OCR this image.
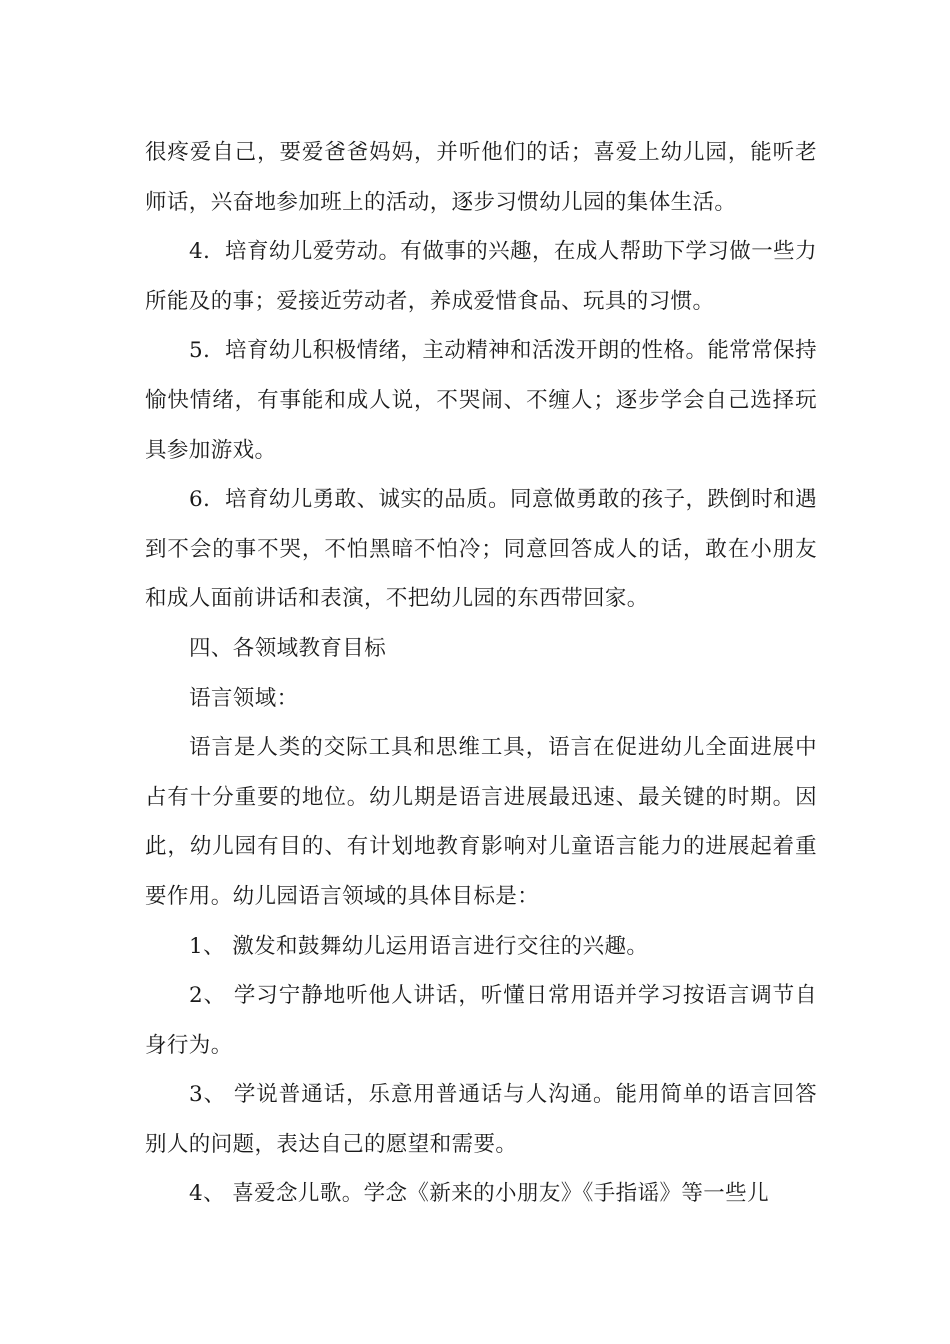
很疼爱自己，要爱爸爸妈妈，并听他们的话；喜爱上幼儿园，能听老师话，兴奋地参加班上的活动，逐步习惯幼儿园的集体生活。

4．培育幼儿爱劳动。有做事的兴趣，在成人帮助下学习做一些力所能及的事；爱接近劳动者，养成爱惜食品、玩具的习惯。

5．培育幼儿积极情绪，主动精神和活泼开朗的性格。能常常保持愉快情绪，有事能和成人说，不哭闹、不缠人；逐步学会自己选择玩具参加游戏。

6．培育幼儿勇敢、诚实的品质。同意做勇敢的孩子，跌倒时和遇到不会的事不哭，不怕黑暗不怕冷；同意回答成人的话，敢在小朋友和成人面前讲话和表演，不把幼儿园的东西带回家。

四、各领域教育目标

语言领域：

语言是人类的交际工具和思维工具，语言在促进幼儿全面进展中占有十分重要的地位。幼儿期是语言进展最迅速、最关键的时期。因此，幼儿园有目的、有计划地教育影响对儿童语言能力的进展起着重要作用。幼儿园语言领域的具体目标是：

1、 激发和鼓舞幼儿运用语言进行交往的兴趣。

2、 学习宁静地听他人讲话，听懂日常用语并学习按语言调节自身行为。

3、 学说普通话，乐意用普通话与人沟通。能用简单的语言回答别人的问题，表达自己的愿望和需要。

4、 喜爱念儿歌。学念《新来的小朋友》《手指谣》等一些儿
